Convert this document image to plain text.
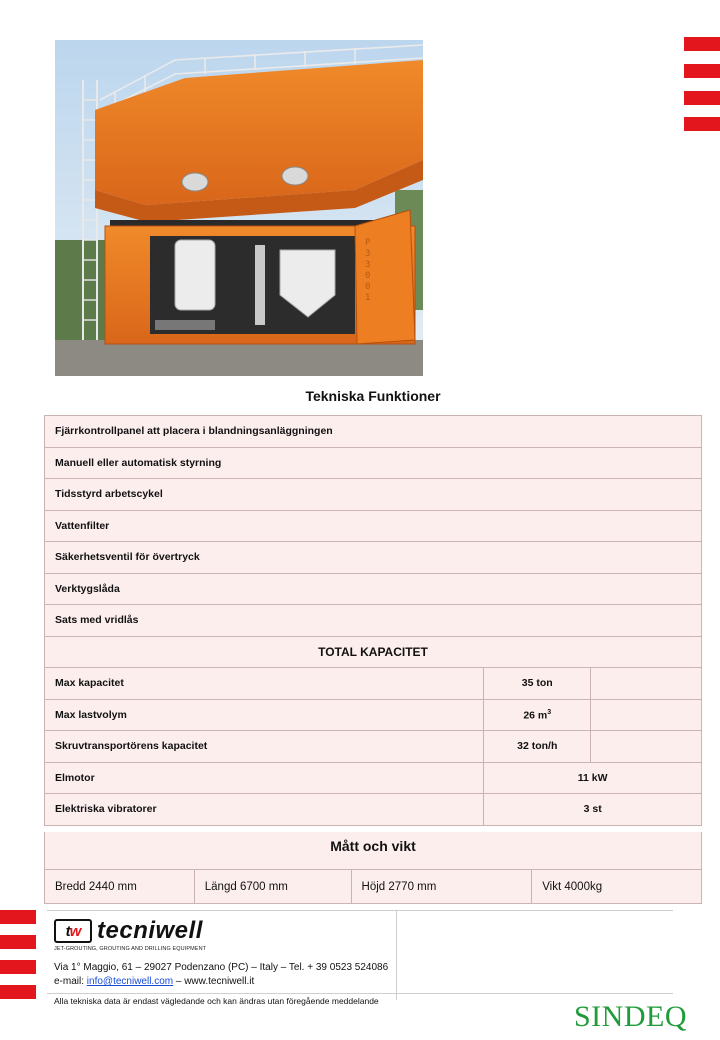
P
3
3
0
0
1
Tekniska Funktioner
Fjärrkontrollpanel att placera i blandningsanläggningen		
Manuell eller automatisk styrning		
Tidsstyrd arbetscykel		
Vattenfilter		
Säkerhetsventil för övertryck		
Verktygslåda		
Sats med vridlås		
TOTAL KAPACITET		
Max kapacitet	35 ton	
Max lastvolym	26 $m^3$	
Skruvtransportörens kapacitet	32 ton/h	
Elmotor	11 kW	
Elektriska vibratorer	3 st	
Mått och vikt
Bredd 2440 mm	Längd 6700 mm	Höjd 2770 mm	Vikt 4000kg
t w tecniwell
JET-GROUTING, GROUTING AND DRILLING EQUIPMENT
Via 1° Maggio, 61 – 29027 Podenzano (PC) – Italy – Tel. + 39 0523 524086
e-mail: info@tecniwell.com – www.tecniwell.it
Alla tekniska data är endast vägledande och kan ändras utan föregående meddelande	SINDEQ
